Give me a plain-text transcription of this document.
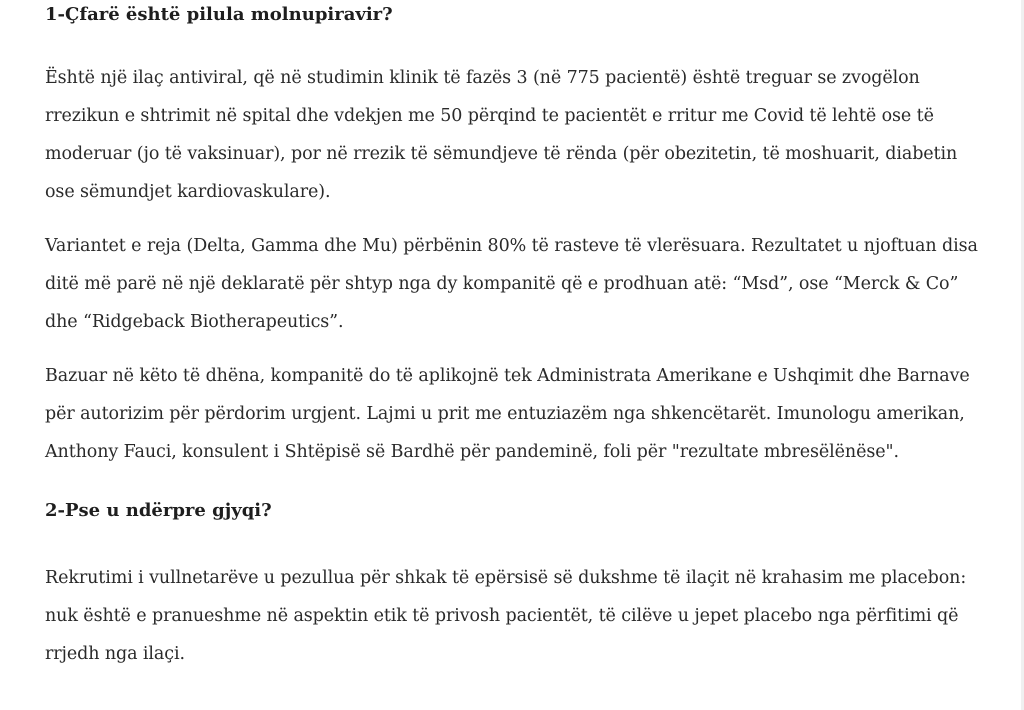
1-Çfarë është pilula molnupiravir?

Është një ilaç antiviral, që në studimin klinik të fazës 3 (në 775 pacientë) është treguar se zvogëlon rrezikun e shtrimit në spital dhe vdekjen me 50 përqind te pacientët e rritur me Covid të lehtë ose të moderuar (jo të vaksinuar), por në rrezik të sëmundjeve të rënda (për obezitetin, të moshuarit, diabetin ose sëmundjet kardiovaskulare).

Variantet e reja (Delta, Gamma dhe Mu) përbënin 80% të rasteve të vlerësuara. Rezultatet u njoftuan disa ditë më parë në një deklaratë për shtyp nga dy kompanitë që e prodhuan atë: “Msd”, ose “Merck & Co” dhe “Ridgeback Biotherapeutics”.

Bazuar në këto të dhëna, kompanitë do të aplikojnë tek Administrata Amerikane e Ushqimit dhe Barnave për autorizim për përdorim urgjent. Lajmi u prit me entuziazëm nga shkencëtarët. Imunologu amerikan, Anthony Fauci, konsulent i Shtëpisë së Bardhë për pandeminë, foli për "rezultate mbresëlënëse".

2-Pse u ndërpre gjyqi?

Rekrutimi i vullnetarëve u pezullua për shkak të epërsisë së dukshme të ilaçit në krahasim me placebon: nuk është e pranueshme në aspektin etik të privosh pacientët, të cilëve u jepet placebo nga përfitimi që rrjedh nga ilaçi.
